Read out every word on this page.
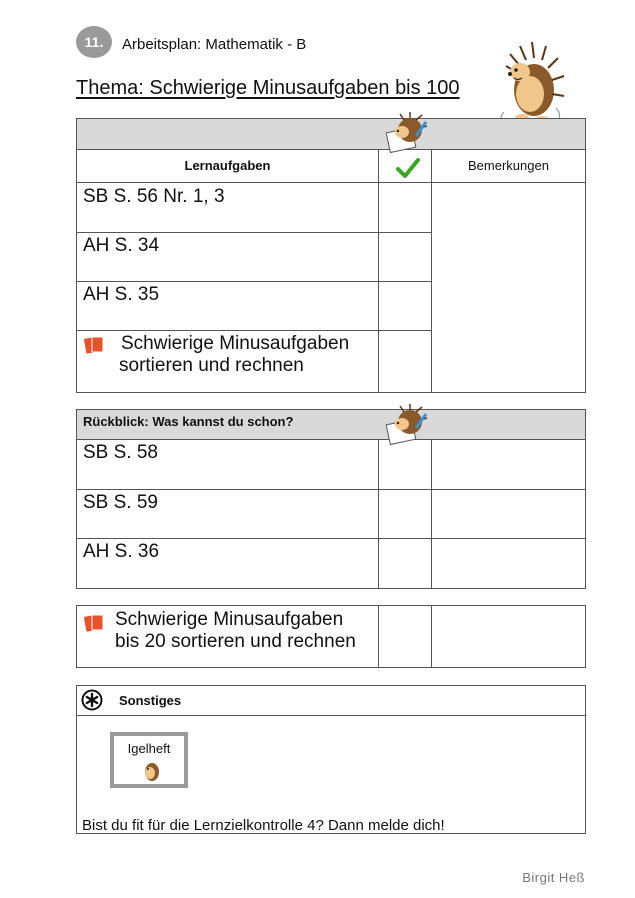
11.	Arbeitsplan: Mathematik - B
Thema: Schwierige Minusaufgaben bis 100
Lernaufgaben	Bemerkungen
SB S. 56 Nr. 1, 3
AH S. 34
AH S. 35
Schwierige Minusaufgaben
sortieren und rechnen
Rückblick: Was kannst du schon?
SB S. 58
SB S. 59
AH S. 36
Schwierige Minusaufgaben
bis 20 sortieren und rechnen
Sonstiges
Igelheft
Bist du fit für die Lernzielkontrolle 4? Dann melde dich!
Birgit Heß
